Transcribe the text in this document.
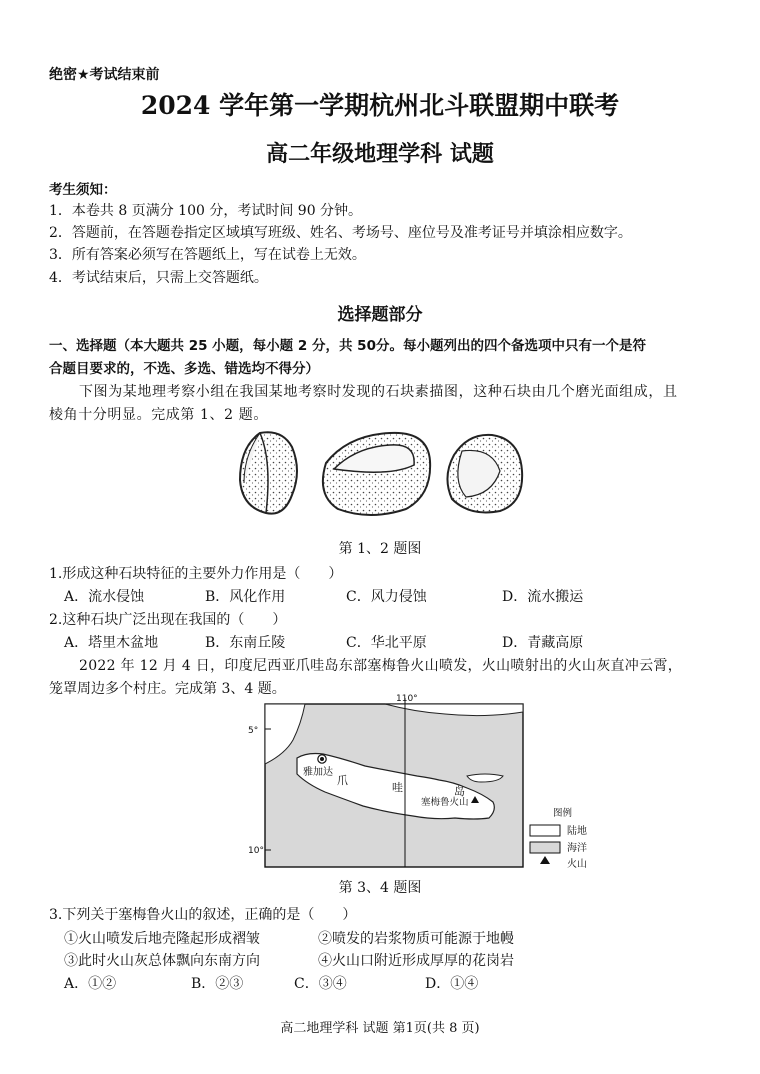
绝密★考试结束前
2024 学年第一学期杭州北斗联盟期中联考
高二年级地理学科 试题
考生须知：
1．本卷共 8 页满分 100 分，考试时间 90 分钟。
2．答题前，在答题卷指定区域填写班级、姓名、考场号、座位号及准考证号并填涂相应数字。
3．所有答案必须写在答题纸上，写在试卷上无效。
4．考试结束后，只需上交答题纸。
选择题部分
一、选择题（本大题共 25 小题，每小题 2 分，共 50分。每小题列出的四个备选项中只有一个是符
合题目要求的，不选、多选、错选均不得分）
下图为某地理考察小组在我国某地考察时发现的石块素描图，这种石块由几个磨光面组成，且
棱角十分明显。完成第 1、2 题。
第 1、2 题图
1.形成这种石块特征的主要外力作用是（　　）
A．流水侵蚀	B．风化作用	C．风力侵蚀	D．流水搬运
2.这种石块广泛出现在我国的（　　）
A．塔里木盆地	B．东南丘陵	C．华北平原	D．青藏高原
2022 年 12 月 4 日，印度尼西亚爪哇岛东部塞梅鲁火山喷发，火山喷射出的火山灰直冲云霄，
笼罩周边多个村庄。完成第 3、4 题。
110°
5°
10°
雅加达
爪
哇	岛
塞梅鲁火山
图例
陆地
海洋
火山
第 3、4 题图
3.下列关于塞梅鲁火山的叙述，正确的是（　　）
①火山喷发后地壳隆起形成褶皱	②喷发的岩浆物质可能源于地幔
③此时火山灰总体飘向东南方向	④火山口附近形成厚厚的花岗岩
A．①②	B．②③	C．③④	D．①④
高二地理学科 试题 第1页(共 8 页)
